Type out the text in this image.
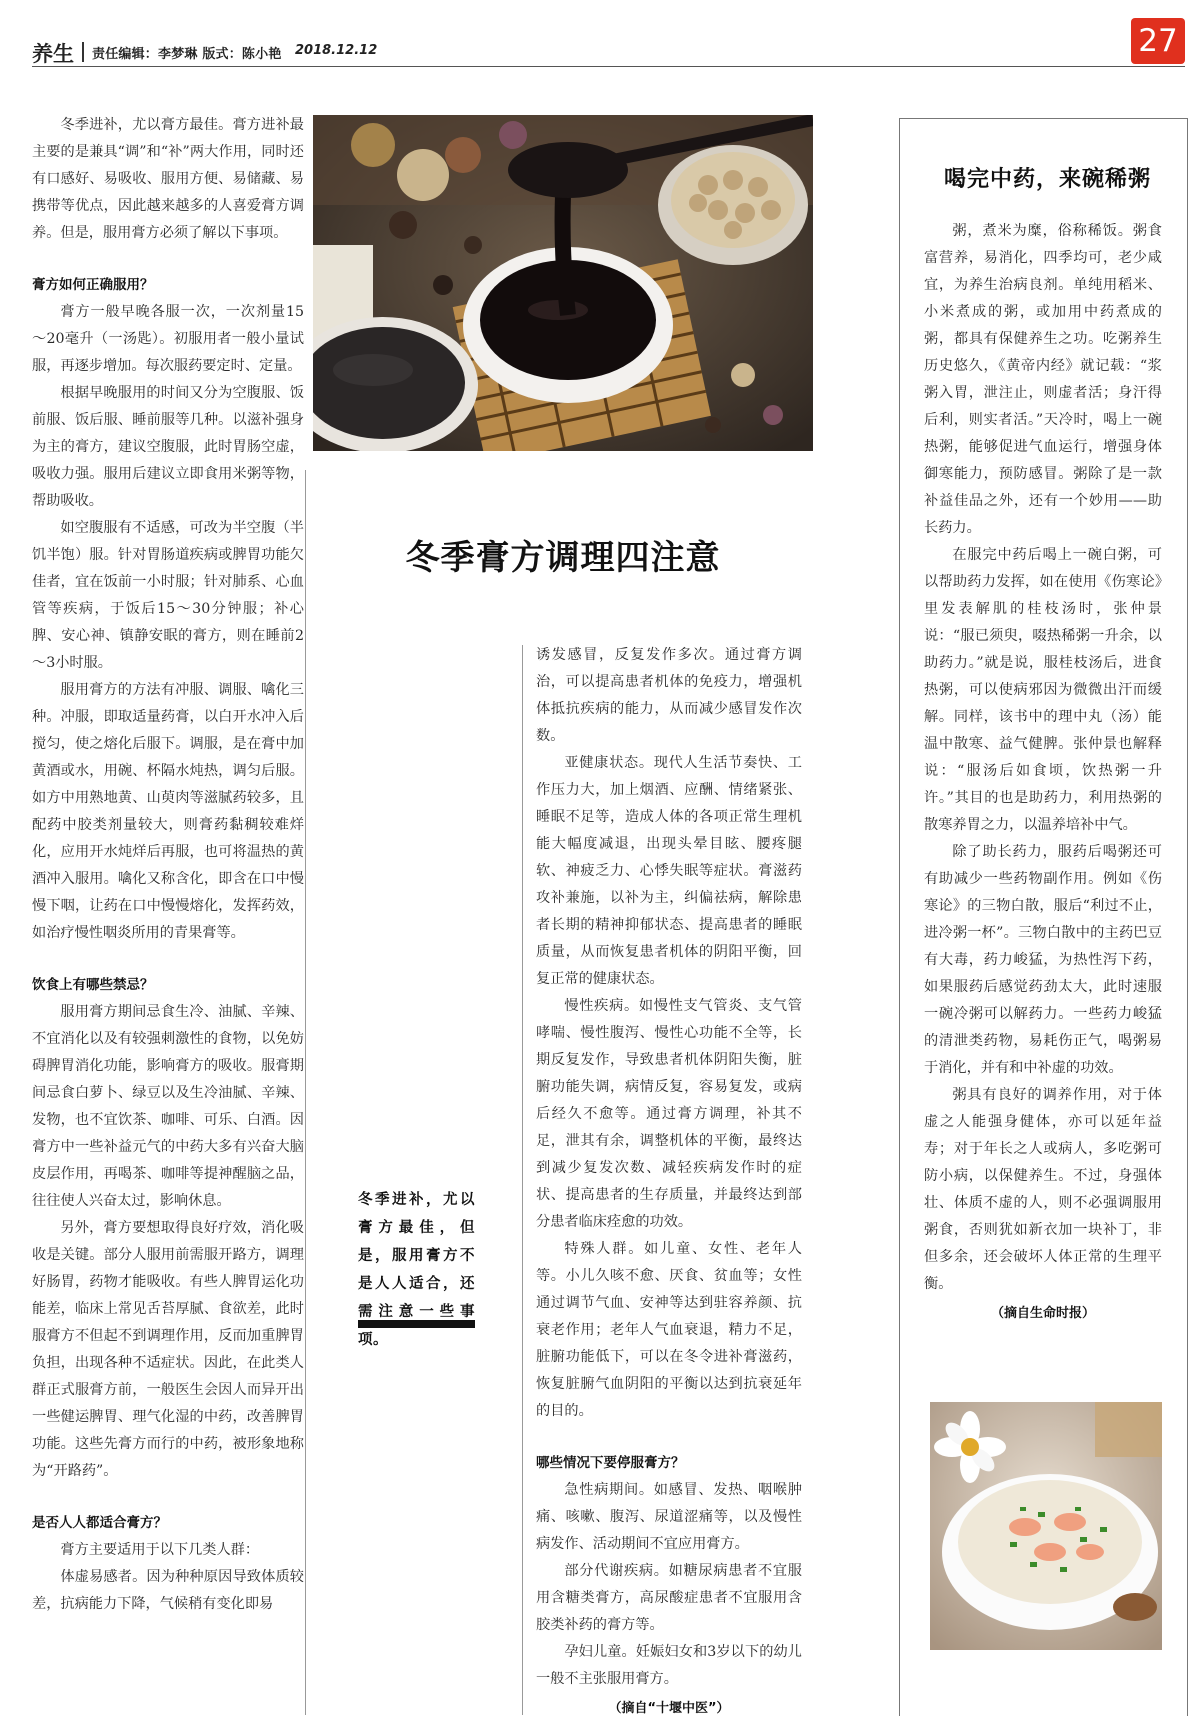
养生 责任编辑：李梦琳 版式：陈小艳 2018.12.12	27

冬季进补，尤以膏方最佳。膏方进补最主要的是兼具“调”和“补”两大作用，同时还有口感好、易吸收、服用方便、易储藏、易携带等优点，因此越来越多的人喜爱膏方调养。但是，服用膏方必须了解以下事项。

膏方如何正确服用？

膏方一般早晚各服一次，一次剂量15～20毫升（一汤匙）。初服用者一般小量试服，再逐步增加。每次服药要定时、定量。

根据早晚服用的时间又分为空腹服、饭前服、饭后服、睡前服等几种。以滋补强身为主的膏方，建议空腹服，此时胃肠空虚，吸收力强。服用后建议立即食用米粥等物，帮助吸收。

如空腹服有不适感，可改为半空腹（半饥半饱）服。针对胃肠道疾病或脾胃功能欠佳者，宜在饭前一小时服；针对肺系、心血管等疾病，于饭后15～30分钟服；补心脾、安心神、镇静安眠的膏方，则在睡前2～3小时服。

服用膏方的方法有冲服、调服、噙化三种。冲服，即取适量药膏，以白开水冲入后搅匀，使之熔化后服下。调服，是在膏中加黄酒或水，用碗、杯隔水炖热，调匀后服。如方中用熟地黄、山萸肉等滋腻药较多，且配药中胶类剂量较大，则膏药黏稠较难烊化，应用开水炖烊后再服，也可将温热的黄酒冲入服用。噙化又称含化，即含在口中慢慢下咽，让药在口中慢慢熔化，发挥药效，如治疗慢性咽炎所用的青果膏等。

饮食上有哪些禁忌？

服用膏方期间忌食生冷、油腻、辛辣、不宜消化以及有较强刺激性的食物，以免妨碍脾胃消化功能，影响膏方的吸收。服膏期间忌食白萝卜、绿豆以及生冷油腻、辛辣、发物，也不宜饮茶、咖啡、可乐、白酒。因膏方中一些补益元气的中药大多有兴奋大脑皮层作用，再喝茶、咖啡等提神醒脑之品，往往使人兴奋太过，影响休息。

另外，膏方要想取得良好疗效，消化吸收是关键。部分人服用前需服开路方，调理好肠胃，药物才能吸收。有些人脾胃运化功能差，临床上常见舌苔厚腻、食欲差，此时服膏方不但起不到调理作用，反而加重脾胃负担，出现各种不适症状。因此，在此类人群正式服膏方前，一般医生会因人而异开出一些健运脾胃、理气化湿的中药，改善脾胃功能。这些先膏方而行的中药，被形象地称为“开路药”。

是否人人都适合膏方？

膏方主要适用于以下几类人群：

体虚易感者。因为种种原因导致体质较差，抗病能力下降，气候稍有变化即易

冬季膏方调理四注意
冬季进补，尤以膏方最佳，但是，服用膏方不是人人适合，还需注意一些事项。

诱发感冒，反复发作多次。通过膏方调治，可以提高患者机体的免疫力，增强机体抵抗疾病的能力，从而减少感冒发作次数。

亚健康状态。现代人生活节奏快、工作压力大，加上烟酒、应酬、情绪紧张、睡眠不足等，造成人体的各项正常生理机能大幅度减退，出现头晕目眩、腰疼腿软、神疲乏力、心悸失眠等症状。膏滋药攻补兼施，以补为主，纠偏祛病，解除患者长期的精神抑郁状态、提高患者的睡眠质量，从而恢复患者机体的阴阳平衡，回复正常的健康状态。

慢性疾病。如慢性支气管炎、支气管哮喘、慢性腹泻、慢性心功能不全等，长期反复发作，导致患者机体阴阳失衡，脏腑功能失调，病情反复，容易复发，或病后经久不愈等。通过膏方调理，补其不足，泄其有余，调整机体的平衡，最终达到减少复发次数、减轻疾病发作时的症状、提高患者的生存质量，并最终达到部分患者临床痊愈的功效。

特殊人群。如儿童、女性、老年人等。小儿久咳不愈、厌食、贫血等；女性通过调节气血、安神等达到驻容养颜、抗衰老作用；老年人气血衰退，精力不足，脏腑功能低下，可以在冬令进补膏滋药，恢复脏腑气血阴阳的平衡以达到抗衰延年的目的。

哪些情况下要停服膏方？

急性病期间。如感冒、发热、咽喉肿痛、咳嗽、腹泻、尿道涩痛等，以及慢性病发作、活动期间不宜应用膏方。

部分代谢疾病。如糖尿病患者不宜服用含糖类膏方，高尿酸症患者不宜服用含胶类补药的膏方等。

孕妇儿童。妊娠妇女和3岁以下的幼儿一般不主张服用膏方。

（摘自“十堰中医”）

喝完中药，来碗稀粥

粥，煮米为糜，俗称稀饭。粥食富营养，易消化，四季均可，老少咸宜，为养生治病良剂。单纯用稻米、小米煮成的粥，或加用中药煮成的粥，都具有保健养生之功。吃粥养生历史悠久，《黄帝内经》就记载：“浆粥入胃，泄注止，则虚者活；身汗得后利，则实者活。”天冷时，喝上一碗热粥，能够促进气血运行，增强身体御寒能力，预防感冒。粥除了是一款补益佳品之外，还有一个妙用——助长药力。

在服完中药后喝上一碗白粥，可以帮助药力发挥，如在使用《伤寒论》里发表解肌的桂枝汤时，张仲景说：“服已须臾，啜热稀粥一升余，以助药力。”就是说，服桂枝汤后，进食热粥，可以使病邪因为微微出汗而缓解。同样，该书中的理中丸（汤）能温中散寒、益气健脾。张仲景也解释说：“服汤后如食顷，饮热粥一升许。”其目的也是助药力，利用热粥的散寒养胃之力，以温养培补中气。

除了助长药力，服药后喝粥还可有助减少一些药物副作用。例如《伤寒论》的三物白散，服后“利过不止，进冷粥一杯”。三物白散中的主药巴豆有大毒，药力峻猛，为热性泻下药，如果服药后感觉药劲太大，此时速服一碗冷粥可以解药力。一些药力峻猛的清泄类药物，易耗伤正气，喝粥易于消化，并有和中补虚的功效。

粥具有良好的调养作用，对于体虚之人能强身健体，亦可以延年益寿；对于年长之人或病人，多吃粥可防小病，以保健养生。不过，身强体壮、体质不虚的人，则不必强调服用粥食，否则犹如新衣加一块补丁，非但多余，还会破坏人体正常的生理平衡。

（摘自生命时报）
